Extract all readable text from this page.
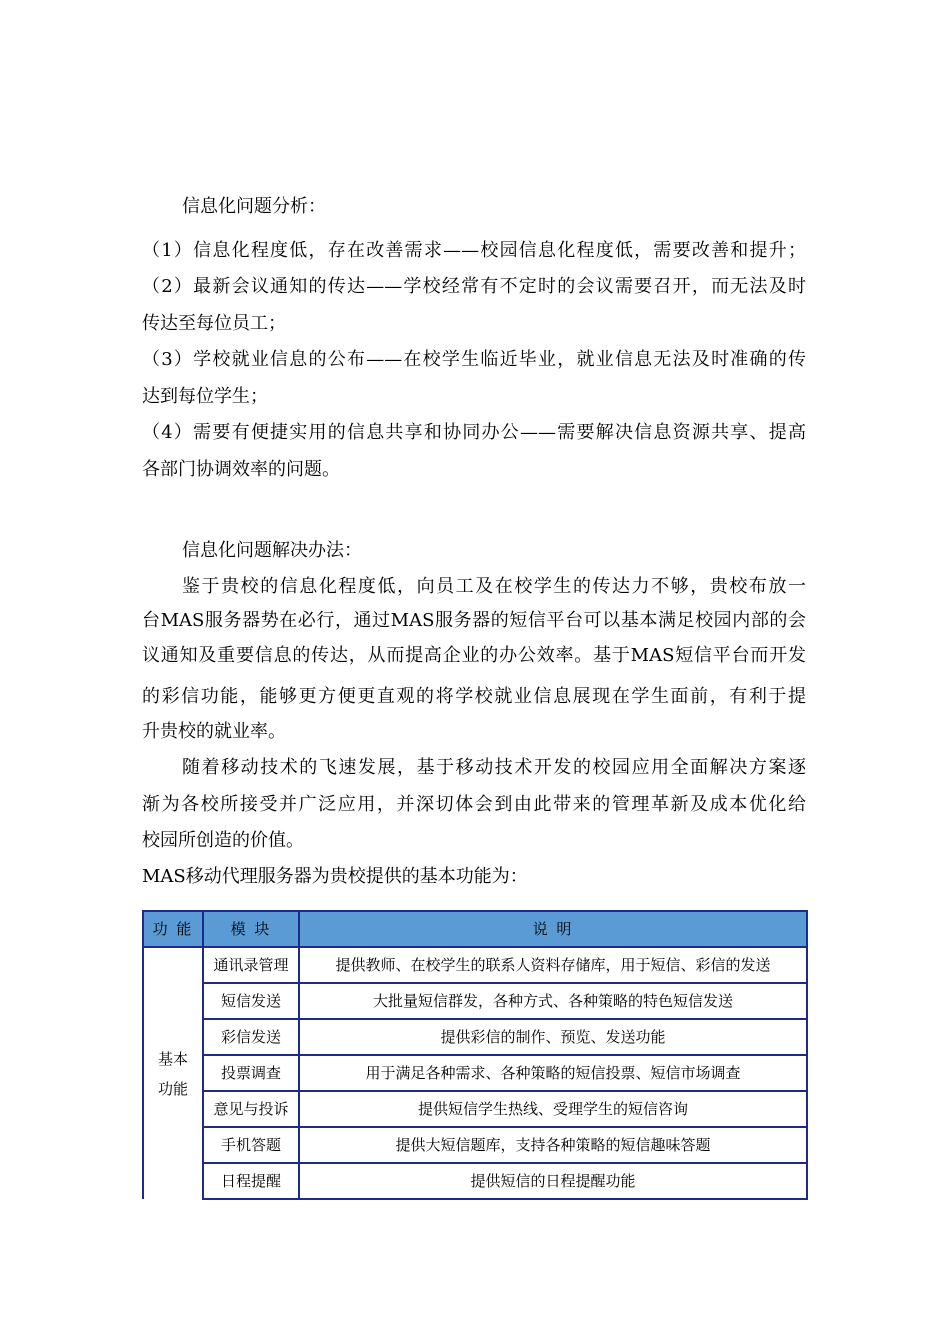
信息化问题分析：
（1）信息化程度低，存在改善需求——校园信息化程度低，需要改善和提升；
（2）最新会议通知的传达——学校经常有不定时的会议需要召开，而无法及时
传达至每位员工；
（3）学校就业信息的公布——在校学生临近毕业，就业信息无法及时准确的传
达到每位学生；
（4）需要有便捷实用的信息共享和协同办公——需要解决信息资源共享、提高
各部门协调效率的问题。
信息化问题解决办法：
鉴于贵校的信息化程度低，向员工及在校学生的传达力不够，贵校布放一
台MAS服务器势在必行，通过MAS服务器的短信平台可以基本满足校园内部的会
议通知及重要信息的传达，从而提高企业的办公效率。基于MAS短信平台而开发
的彩信功能，能够更方便更直观的将学校就业信息展现在学生面前，有利于提
升贵校的就业率。
随着移动技术的飞速发展，基于移动技术开发的校园应用全面解决方案逐
渐为各校所接受并广泛应用，并深切体会到由此带来的管理革新及成本优化给
校园所创造的价值。
MAS移动代理服务器为贵校提供的基本功能为：
功 能	模 块	说 明

基本
功能	通讯录管理	提供教师、在校学生的联系人资料存储库，用于短信、彩信的发送
	短信发送	大批量短信群发，各种方式、各种策略的特色短信发送
	彩信发送	提供彩信的制作、预览、发送功能
	投票调查	用于满足各种需求、各种策略的短信投票、短信市场调查
	意见与投诉	提供短信学生热线、受理学生的短信咨询
	手机答题	提供大短信题库，支持各种策略的短信趣味答题
	日程提醒	提供短信的日程提醒功能
